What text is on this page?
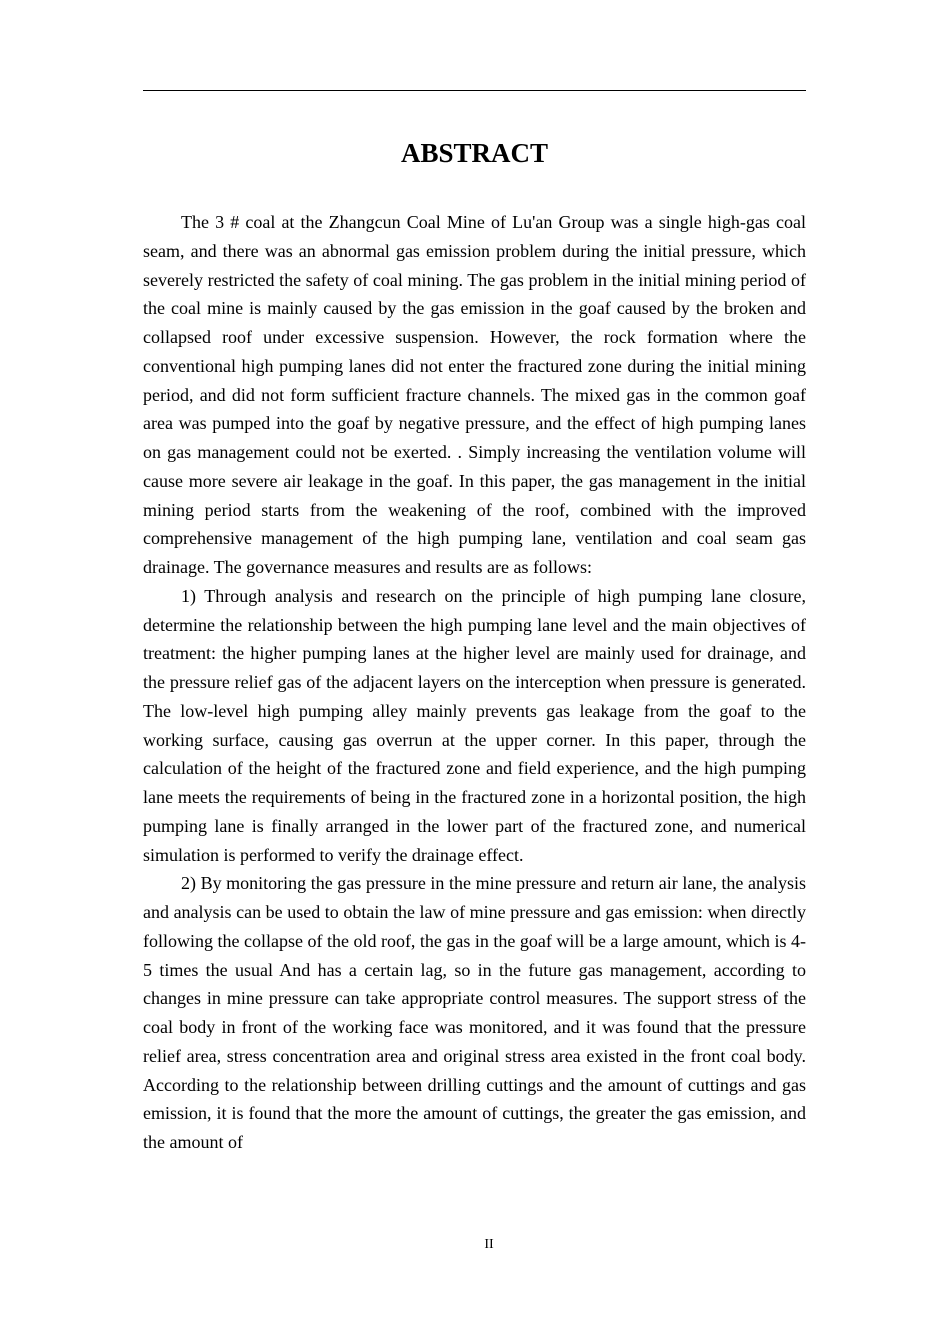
ABSTRACT

The 3 # coal at the Zhangcun Coal Mine of Lu'an Group was a single high-gas coal seam, and there was an abnormal gas emission problem during the initial pressure, which severely restricted the safety of coal mining. The gas problem in the initial mining period of the coal mine is mainly caused by the gas emission in the goaf caused by the broken and collapsed roof under excessive suspension. However, the rock formation where the conventional high pumping lanes did not enter the fractured zone during the initial mining period, and did not form sufficient fracture channels. The mixed gas in the common goaf area was pumped into the goaf by negative pressure, and the effect of high pumping lanes on gas management could not be exerted. . Simply increasing the ventilation volume will cause more severe air leakage in the goaf. In this paper, the gas management in the initial mining period starts from the weakening of the roof, combined with the improved comprehensive management of the high pumping lane, ventilation and coal seam gas drainage. The governance measures and results are as follows:

1) Through analysis and research on the principle of high pumping lane closure, determine the relationship between the high pumping lane level and the main objectives of treatment: the higher pumping lanes at the higher level are mainly used for drainage, and the pressure relief gas of the adjacent layers on the interception when pressure is generated. The low-level high pumping alley mainly prevents gas leakage from the goaf to the working surface, causing gas overrun at the upper corner. In this paper, through the calculation of the height of the fractured zone and field experience, and the high pumping lane meets the requirements of being in the fractured zone in a horizontal position, the high pumping lane is finally arranged in the lower part of the fractured zone, and numerical simulation is performed to verify the drainage effect.

2) By monitoring the gas pressure in the mine pressure and return air lane, the analysis and analysis can be used to obtain the law of mine pressure and gas emission: when directly following the collapse of the old roof, the gas in the goaf will be a large amount, which is 4-5 times the usual And has a certain lag, so in the future gas management, according to changes in mine pressure can take appropriate control measures. The support stress of the coal body in front of the working face was monitored, and it was found that the pressure relief area, stress concentration area and original stress area existed in the front coal body. According to the relationship between drilling cuttings and the amount of cuttings and gas emission, it is found that the more the amount of cuttings, the greater the gas emission, and the amount of

II
